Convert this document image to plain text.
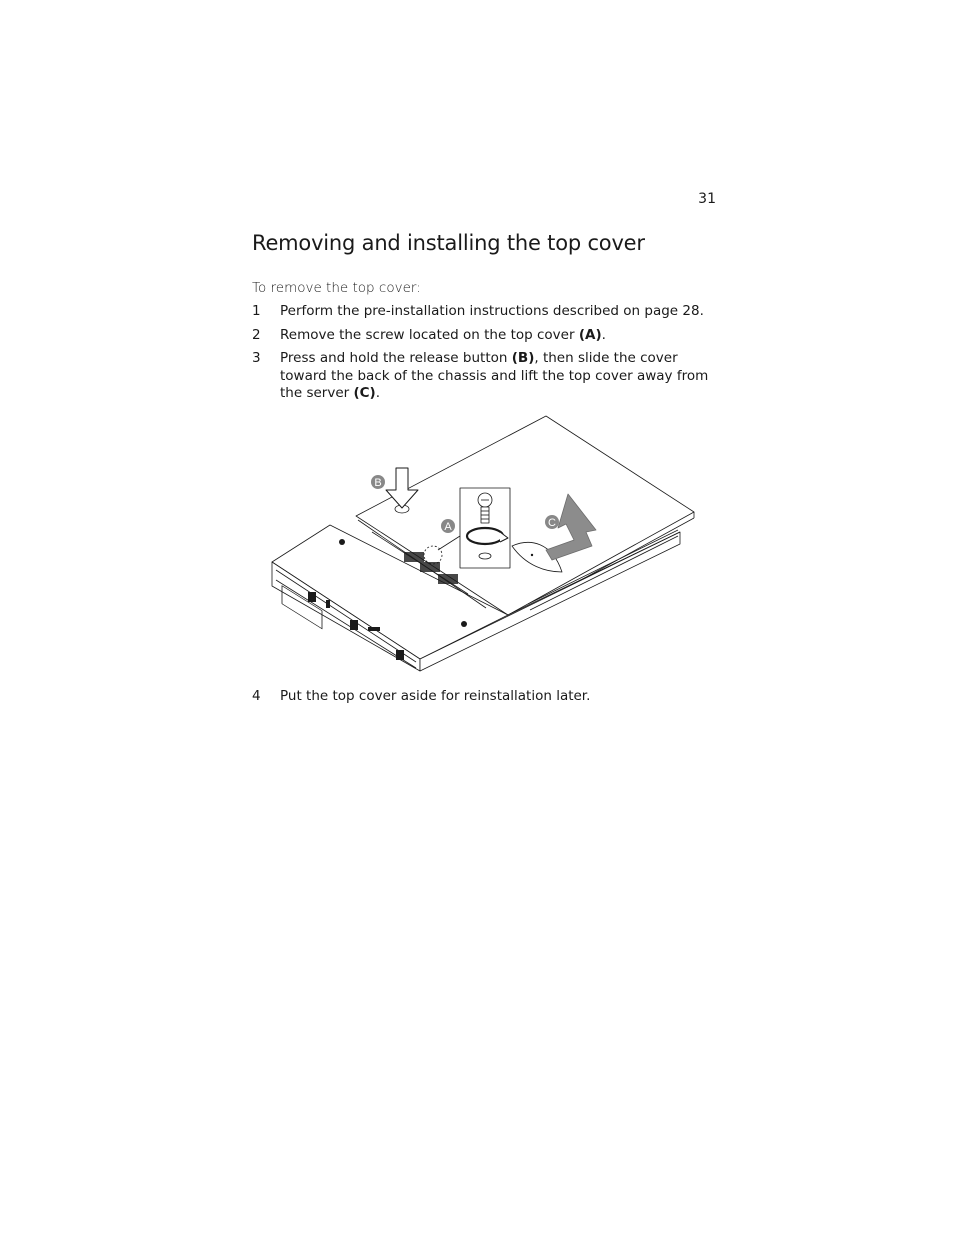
31
Removing and installing the top cover
To remove the top cover:
1	Perform the pre-installation instructions described on page 28.
2	Remove the screw located on the top cover (A).
3	Press and hold the release button (B), then slide the cover toward the back of the chassis and lift the top cover away from the server (C).
B
A	C
4	Put the top cover aside for reinstallation later.
